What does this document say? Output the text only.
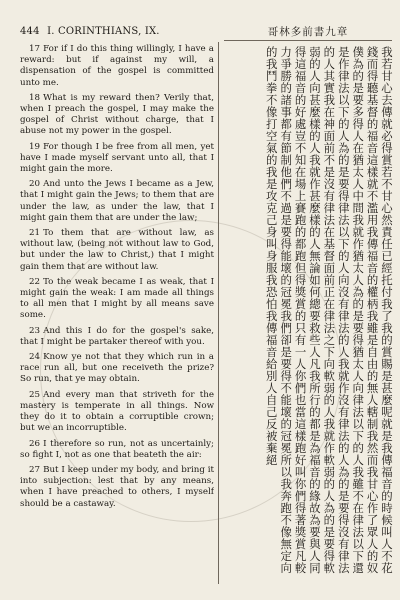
444 I. CORINTHIANS, IX.	哥林多前書九章

17 For if I do this thing willingly, I have a reward: but if against my will, a dispensation of the gospel is committed unto me.

18 What is my reward then? Verily that, when I preach the gospel, I may make the gospel of Christ without charge, that I abuse not my power in the gospel.

19 For though I be free from all men, yet have I made myself servant unto all, that I might gain the more.

20 And unto the Jews I became as a Jew, that I might gain the Jews; to them that are under the law, as under the law, that I might gain them that are under the law;

21 To them that are without law, as without law, (being not without law to God, but under the law to Christ,) that I might gain them that are without law.

22 To the weak became I as weak, that I might gain the weak: I am made all things to all men that I might by all means save some.

23 And this I do for the gospel's sake, that I might be partaker thereof with you.

24 Know ye not that they which run in a race run all, but one receiveth the prize? So run, that ye may obtain.

25 And every man that striveth for the mastery is temperate in all things. Now they do it to obtain a corruptible crown; but we an incorruptible.

26 I therefore so run, not as uncertainly; so fight I, not as one that beateth the air:

27 But I keep under my body, and bring it into subjection: lest that by any means, when I have preached to others, I myself should be a castaway.	我若甘心去傳就必得賞若不甘心然責任已經托付我了我的賞賜是甚麼呢就是我傳福音的時候叫人不花錢而得聽基督的福音這樣就不濫用我傳福音的權柄我雖是自由的無人轄制我然而我甘心作了眾人的奴僕為的是要多得人在猶太人中間我就作猶太人為的是要得猶太人向律法以下的人我雖不在律法以下還是作律法以下的人為的是要得律法以下的人向沒有律法的人我就作沒有律法的人為的是要得沒有律法的人其實我在神面前不是沒有律法在基督面前正在律法之下向軟弱的人我就作軟弱的人為的是要得軟弱的人向甚麼樣的人我就作甚麼樣的人無論如何總要救些人凡我所行的都是為福音的緣故為要與人同得這福音的好處豈不知在場上賽跑的都跑但得獎賞的只有一人你們也當這樣跑好叫你們得著獎賞凡較力爭勝的諸事都有節制他們不過是要得能壞的冠冕我們卻是要得不能壞的冠冕所以我奔跑不像無定向的我鬥拳不像打空氣的我是攻克己身叫身服我恐怕我傳福音給別人自己反被棄絕
